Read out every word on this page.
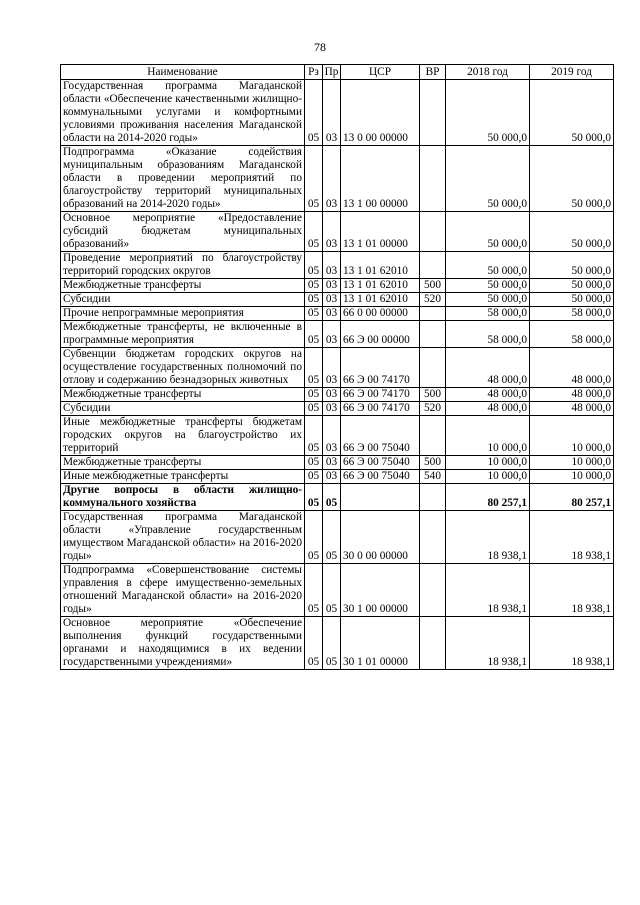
78
Наименование	Рз	Пр	ЦСР	ВР	2018 год	2019 год
Государственная программа Магаданской области «Обеспечение качественными жилищно-коммунальными услугами и комфортными условиями проживания населения Магаданской области на 2014-2020 годы»	05	03	13 0 00 00000		50 000,0	50 000,0
Подпрограмма «Оказание содействия муниципальным образованиям Магаданской области в проведении мероприятий по благоустройству территорий муниципальных образований на 2014-2020 годы»	05	03	13 1 00 00000		50 000,0	50 000,0
Основное мероприятие «Предоставление субсидий бюджетам муниципальных образований»	05	03	13 1 01 00000		50 000,0	50 000,0
Проведение мероприятий по благоустройству территорий городских округов	05	03	13 1 01 62010		50 000,0	50 000,0
Межбюджетные трансферты	05	03	13 1 01 62010	500	50 000,0	50 000,0
Субсидии	05	03	13 1 01 62010	520	50 000,0	50 000,0
Прочие непрограммные мероприятия	05	03	66 0 00 00000		58 000,0	58 000,0
Межбюджетные трансферты, не включенные в программные мероприятия	05	03	66 Э 00 00000		58 000,0	58 000,0
Субвенции бюджетам городских округов на осуществление государственных полномочий по отлову и содержанию безнадзорных животных	05	03	66 Э 00 74170		48 000,0	48 000,0
Межбюджетные трансферты	05	03	66 Э 00 74170	500	48 000,0	48 000,0
Субсидии	05	03	66 Э 00 74170	520	48 000,0	48 000,0
Иные межбюджетные трансферты бюджетам городских округов на благоустройство их территорий	05	03	66 Э 00 75040		10 000,0	10 000,0
Межбюджетные трансферты	05	03	66 Э 00 75040	500	10 000,0	10 000,0
Иные межбюджетные трансферты	05	03	66 Э 00 75040	540	10 000,0	10 000,0
Другие вопросы в области жилищно-коммунального хозяйства	05	05			80 257,1	80 257,1
Государственная программа Магаданской области «Управление государственным имуществом Магаданской области» на 2016-2020 годы»	05	05	30 0 00 00000		18 938,1	18 938,1
Подпрограмма «Совершенствование системы управления в сфере имущественно-земельных отношений Магаданской области» на 2016-2020 годы»	05	05	30 1 00 00000		18 938,1	18 938,1
Основное мероприятие «Обеспечение выполнения функций государственными органами и находящимися в их ведении государственными учреждениями»	05	05	30 1 01 00000		18 938,1	18 938,1
